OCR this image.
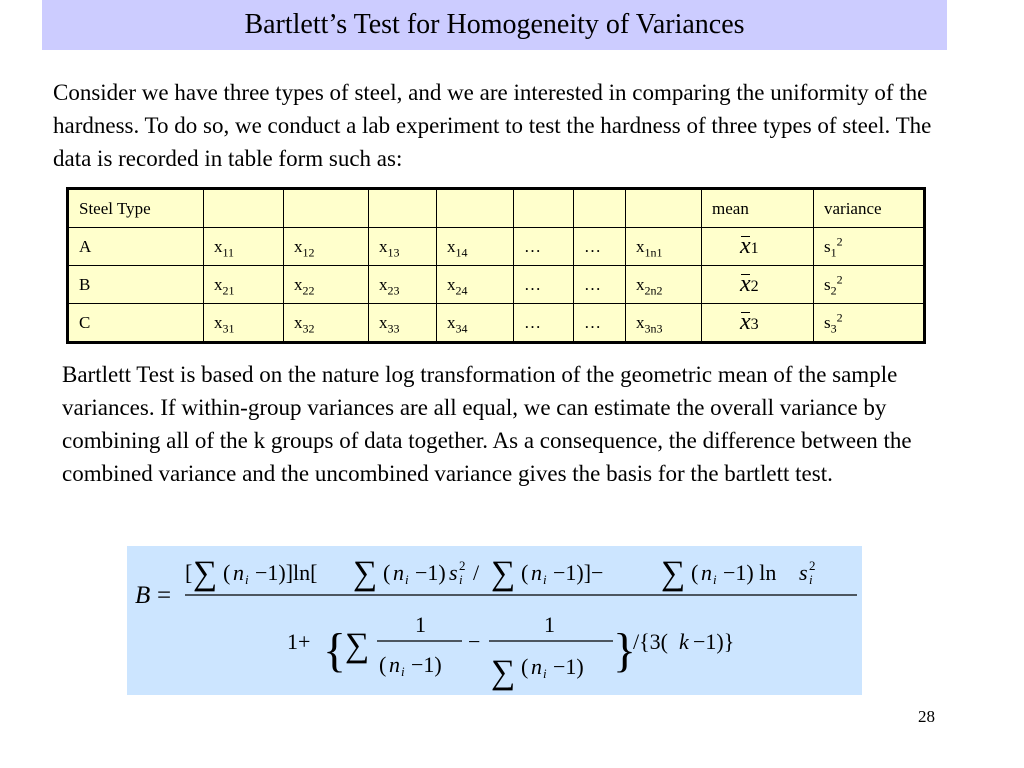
Bartlett’s Test for Homogeneity of Variances

Consider we have three types of steel, and we are interested in comparing the uniformity of the hardness. To do so, we conduct a lab experiment to test the hardness of three types of steel. The data is recorded in table form such as:

Steel Type								mean	variance
A	$x_{11}$	$x_{12}$	$x_{13}$	$x_{14}$	…	…	$x_{1n1}$	x1	$s_1^2$
B	$x_{21}$	$x_{22}$	$x_{23}$	$x_{24}$	…	…	$x_{2n2}$	x2	$s_2^2$
C	$x_{31}$	$x_{32}$	$x_{33}$	$x_{34}$	…	…	$x_{3n3}$	x3	$s_3^2$

Bartlett Test is based on the nature log transformation of the geometric mean of the sample variances. If within-group variances are all equal, we can estimate the overall variance by combining all of the k groups of data together. As a consequence, the difference between the combined variance and the uncombined variance gives the basis for the bartlett test.

B =
[ ∑ ( n i −1)]ln[ ∑ ( n i −1) s 2
i / ∑ ( n i −1)]− ∑ ( n i −1) ln s 2
i
1+ {
∑
1
( n i −1)
−
1
∑ ( n i −1) }
/{3( k −1)}
28
